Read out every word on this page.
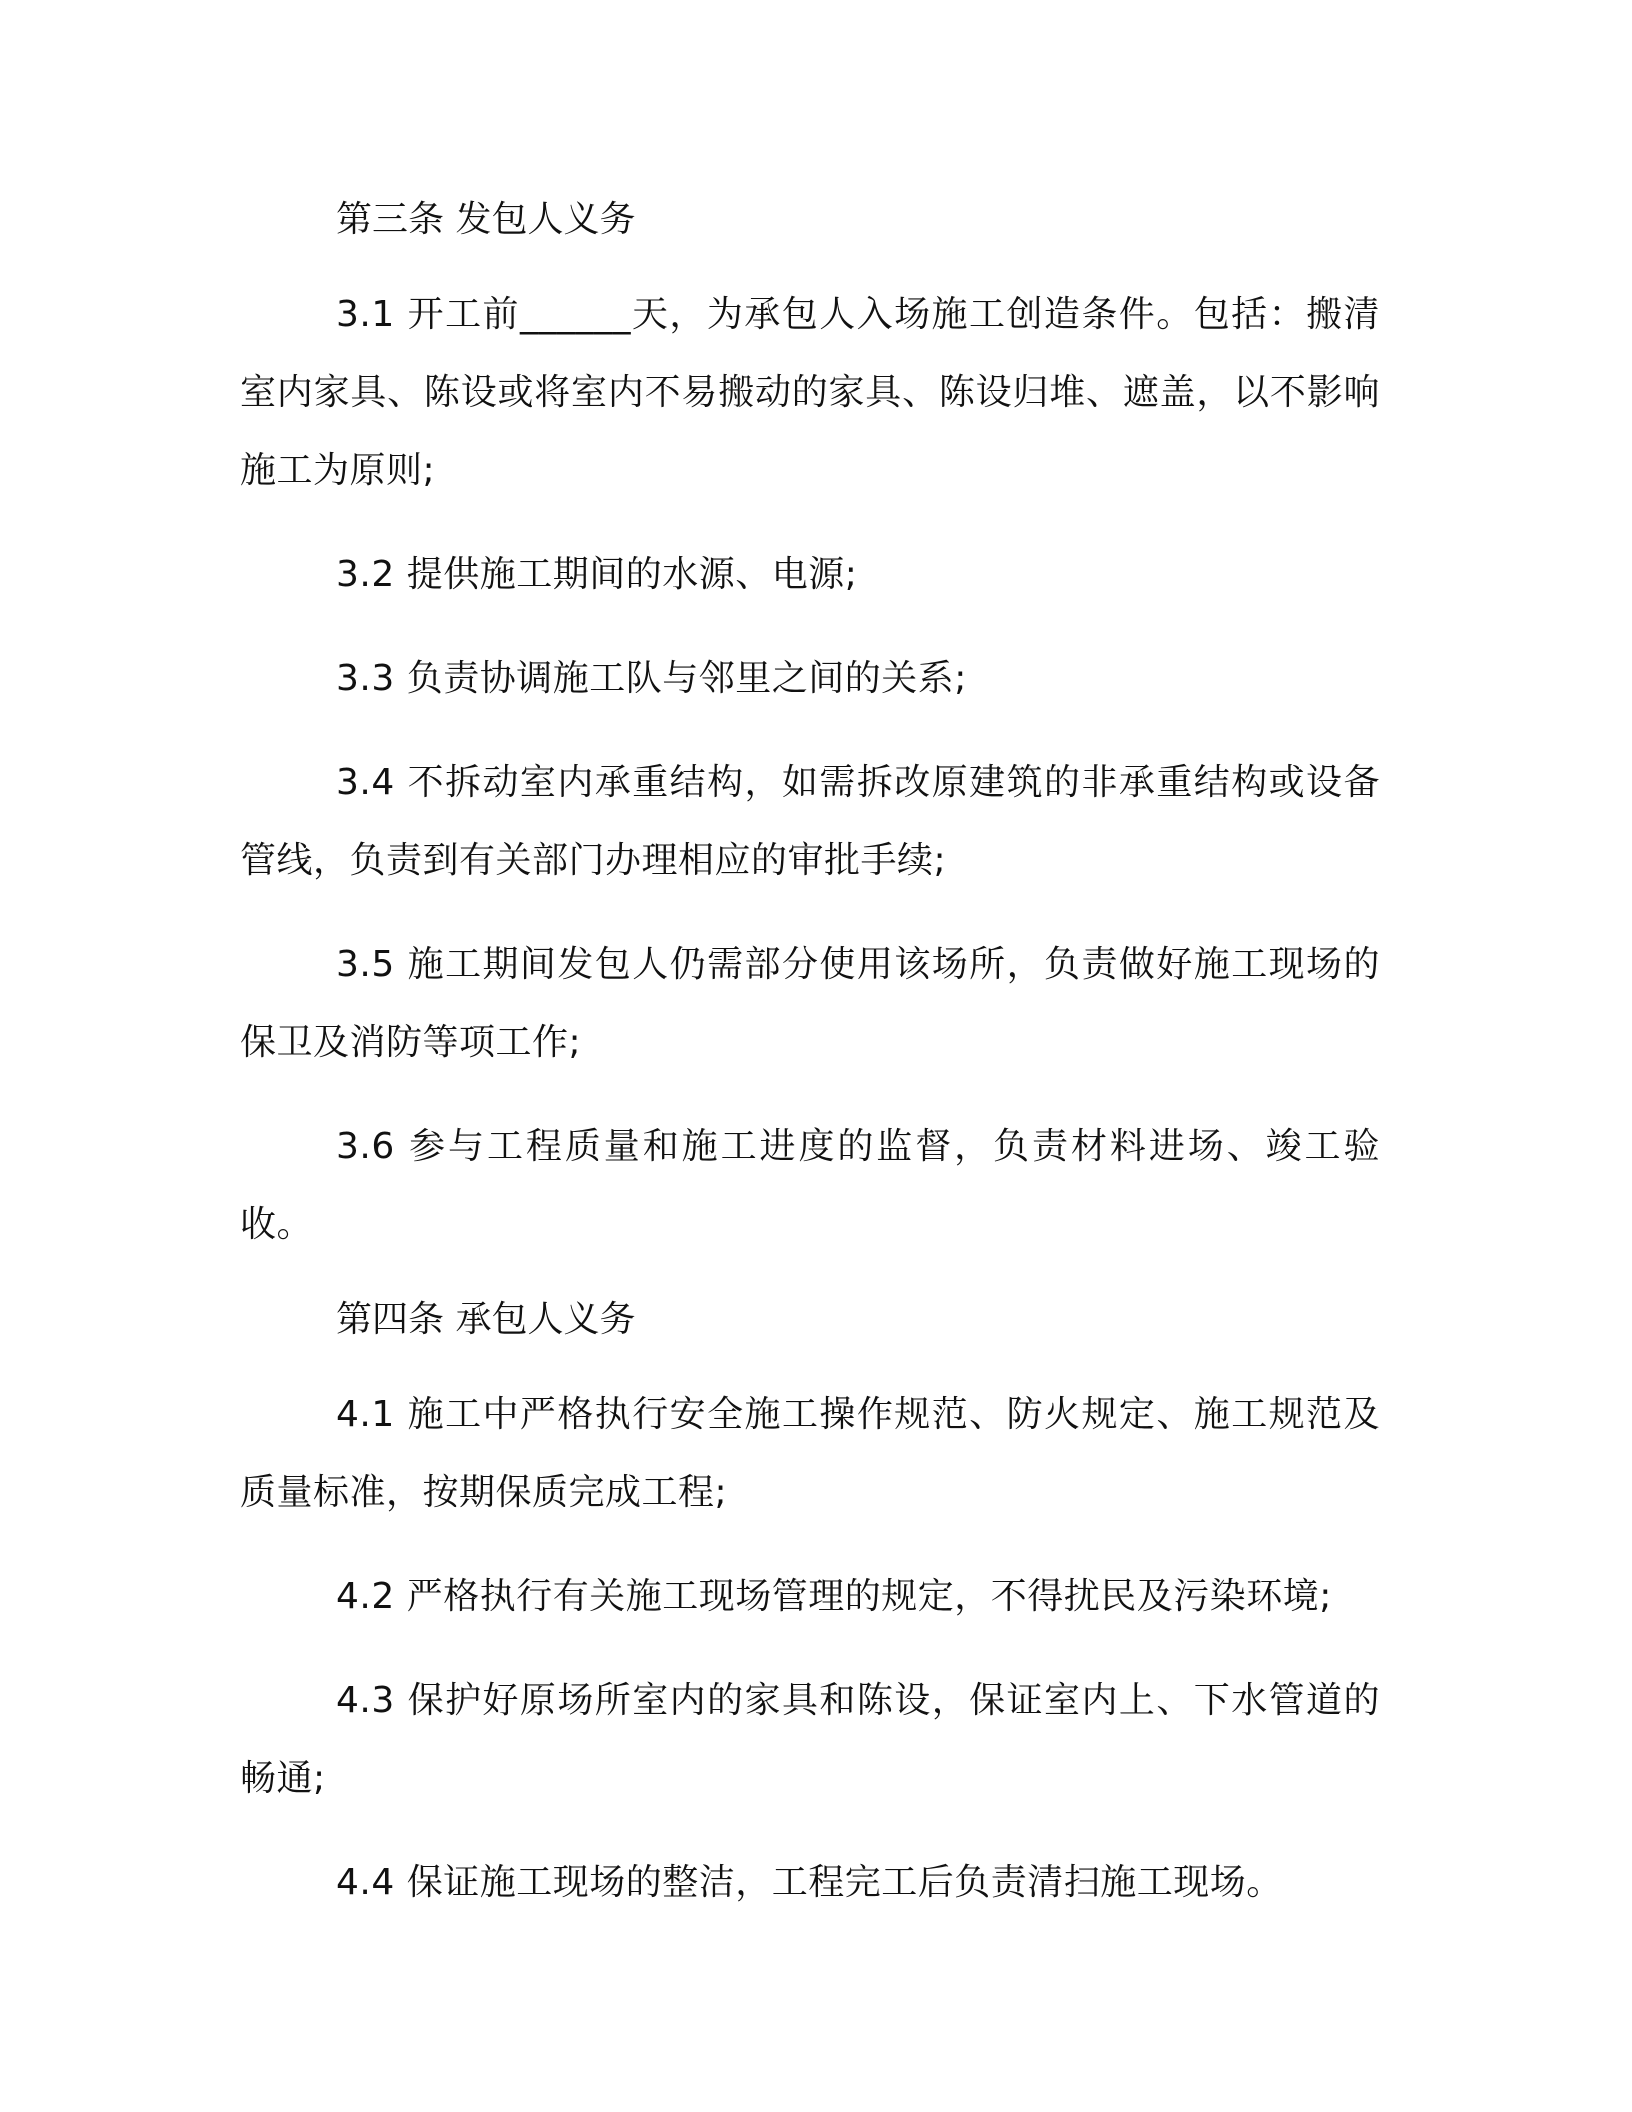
第三条 发包人义务

3.1 开工前______天，为承包人入场施工创造条件。包括：搬清室内家具、陈设或将室内不易搬动的家具、陈设归堆、遮盖，以不影响施工为原则;

3.2 提供施工期间的水源、电源;

3.3 负责协调施工队与邻里之间的关系;

3.4 不拆动室内承重结构，如需拆改原建筑的非承重结构或设备管线，负责到有关部门办理相应的审批手续;

3.5 施工期间发包人仍需部分使用该场所，负责做好施工现场的保卫及消防等项工作;

3.6 参与工程质量和施工进度的监督，负责材料进场、竣工验收。

第四条 承包人义务

4.1 施工中严格执行安全施工操作规范、防火规定、施工规范及质量标准，按期保质完成工程;

4.2 严格执行有关施工现场管理的规定，不得扰民及污染环境;

4.3 保护好原场所室内的家具和陈设，保证室内上、下水管道的畅通;

4.4 保证施工现场的整洁，工程完工后负责清扫施工现场。
